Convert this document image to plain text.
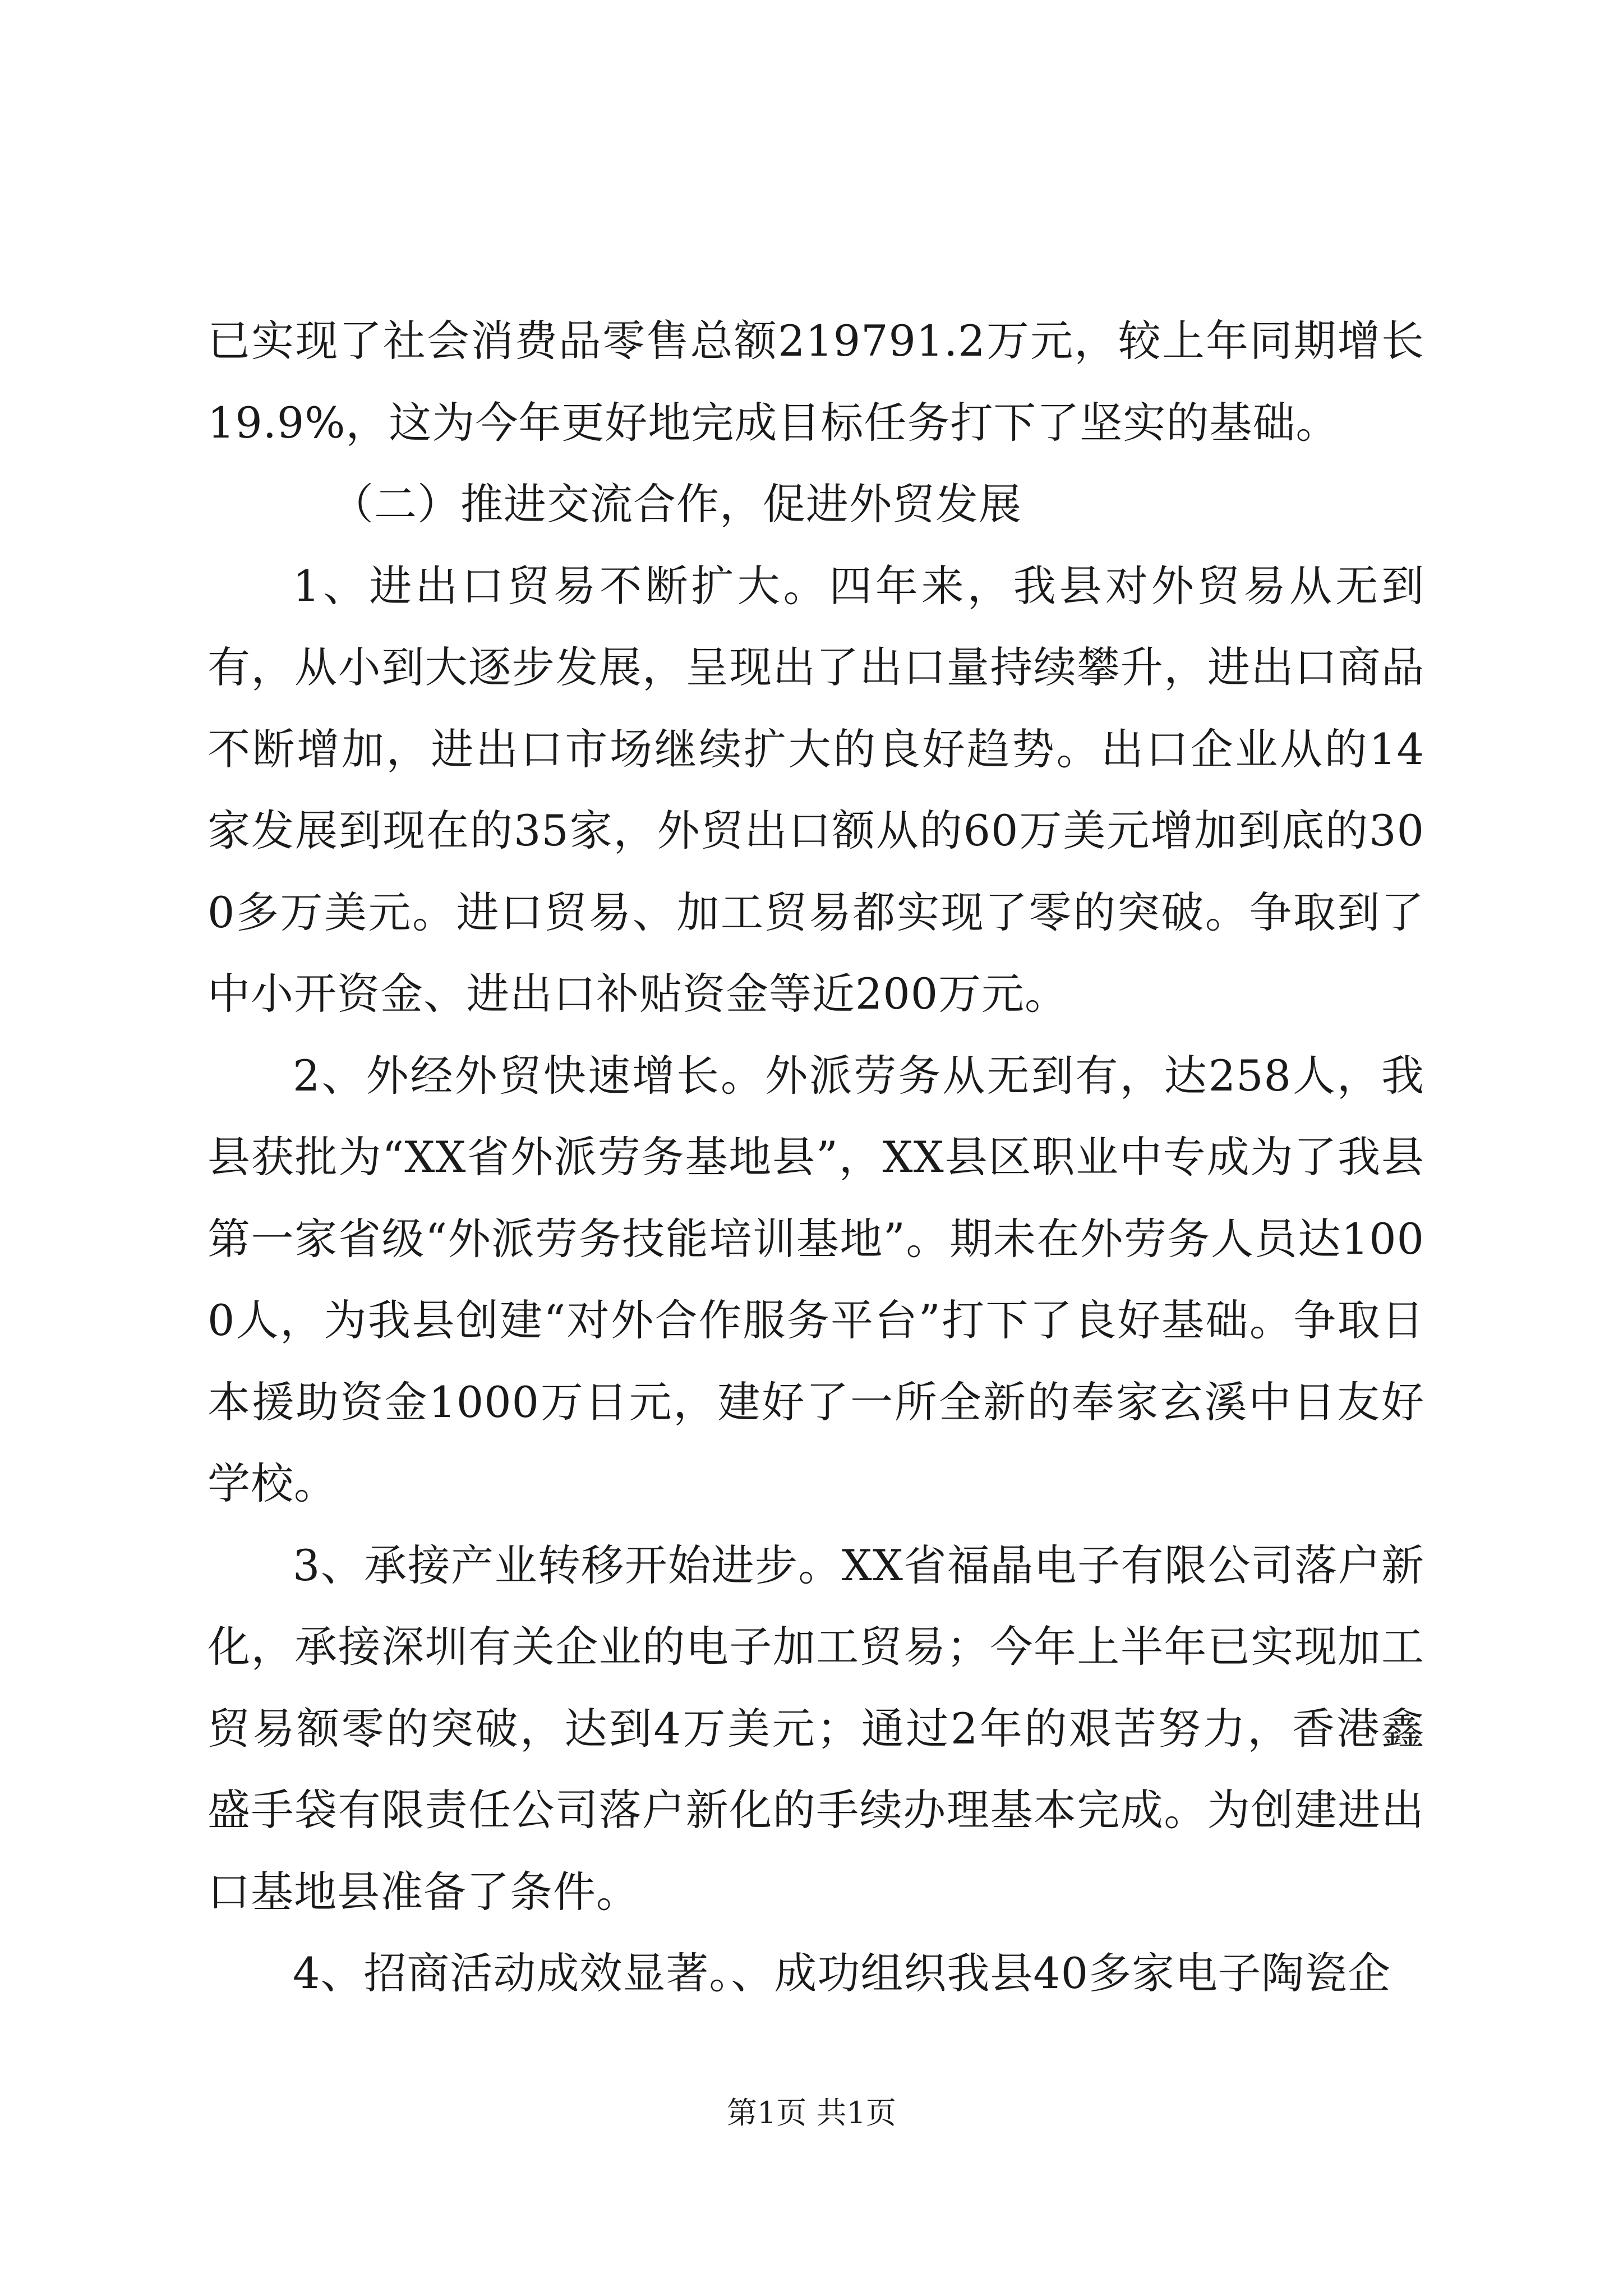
已实现了社会消费品零售总额219791.2万元，较上年同期增长19.9%，这为今年更好地完成目标任务打下了坚实的基础。

（二）推进交流合作，促进外贸发展

1、进出口贸易不断扩大。四年来，我县对外贸易从无到有，从小到大逐步发展，呈现出了出口量持续攀升，进出口商品不断增加，进出口市场继续扩大的良好趋势。出口企业从的14家发展到现在的35家，外贸出口额从的60万美元增加到底的300多万美元。进口贸易、加工贸易都实现了零的突破。争取到了中小开资金、进出口补贴资金等近200万元。

2、外经外贸快速增长。外派劳务从无到有，达258人，我县获批为“XX省外派劳务基地县”，XX县区职业中专成为了我县第一家省级“外派劳务技能培训基地”。期未在外劳务人员达1000人，为我县创建“对外合作服务平台”打下了良好基础。争取日本援助资金1000万日元，建好了一所全新的奉家玄溪中日友好学校。

3、承接产业转移开始进步。XX省福晶电子有限公司落户新化，承接深圳有关企业的电子加工贸易；今年上半年已实现加工贸易额零的突破，达到4万美元；通过2年的艰苦努力，香港鑫盛手袋有限责任公司落户新化的手续办理基本完成。为创建进出口基地县准备了条件。

4、招商活动成效显著。、成功组织我县40多家电子陶瓷企

第1页 共1页
